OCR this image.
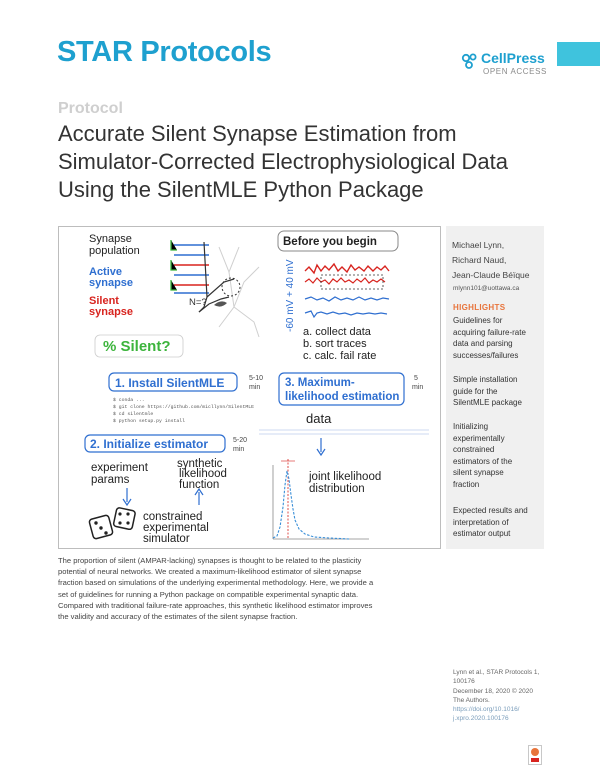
STAR Protocols	CellPress
OPEN ACCESS
Protocol
Accurate Silent Synapse Estimation from Simulator-Corrected Electrophysiological Data Using the SilentMLE Python Package
Synapse
population
Active
synapse
Silent
synapse
N=?
% Silent?
Before you begin
-60 mV + 40 mV a. collect data
b. sort traces
c. calc. fail rate
1. Install SilentMLE	5-10
min
$ conda ...
$ git clone https://github.com/micllynn/SilentMLE
$ cd silentmle
$ python setup.py install
3. Maximum-
likelihood estimation
5
min
data
2. Initialize estimator	5-20
min
experiment
params
synthetic
likelihood
function
constrained
experimental
simulator
joint likelihood
distribution
Michael Lynn,
Richard Naud,
Jean-Claude Béïque
mlynn101@uottawa.ca
HIGHLIGHTS
Guidelines for
acquiring failure-rate
data and parsing
successes/failures
Simple installation
guide for the
SilentMLE package
Initializing
experimentally
constrained
estimators of the
silent synapse
fraction
Expected results and
interpretation of
estimator output
The proportion of silent (AMPAR-lacking) synapses is thought to be related to the plasticity
potential of neural networks. We created a maximum-likelihood estimator of silent synapse
fraction based on simulations of the underlying experimental methodology. Here, we provide a
set of guidelines for running a Python package on compatible experimental synaptic data.
Compared with traditional failure-rate approaches, this synthetic likelihood estimator improves
the validity and accuracy of the estimates of the silent synapse fraction.
Lynn et al., STAR Protocols 1,
100176
December 18, 2020 © 2020
The Authors.
https://doi.org/10.1016/
j.xpro.2020.100176
